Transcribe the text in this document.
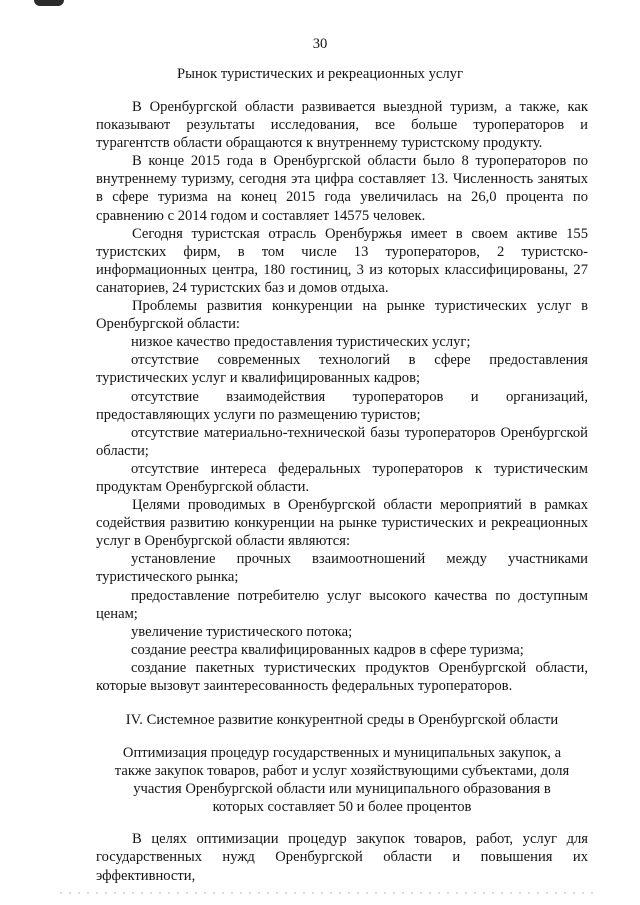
30
Рынок туристических и рекреационных услуг

В Оренбургской области развивается выездной туризм, а также, как показывают результаты исследования, все больше туроператоров и турагентств области обращаются к внутреннему туристскому продукту.

В конце 2015 года в Оренбургской области было 8 туроператоров по внутреннему туризму, сегодня эта цифра составляет 13. Численность занятых в сфере туризма на конец 2015 года увеличилась на 26,0 процента по сравнению с 2014 годом и составляет 14575 человек.

Сегодня туристская отрасль Оренбуржья имеет в своем активе 155 туристских фирм, в том числе 13 туроператоров, 2 туристско-информационных центра, 180 гостиниц, 3 из которых классифицированы, 27 санаториев, 24 туристских баз и домов отдыха.

Проблемы развития конкуренции на рынке туристических услуг в Оренбургской области:

низкое качество предоставления туристических услуг;

отсутствие современных технологий в сфере предоставления туристических услуг и квалифицированных кадров;

отсутствие взаимодействия туроператоров и организаций, предоставляющих услуги по размещению туристов;

отсутствие материально-технической базы туроператоров Оренбургской области;

отсутствие интереса федеральных туроператоров к туристическим продуктам Оренбургской области.

Целями проводимых в Оренбургской области мероприятий в рамках содействия развитию конкуренции на рынке туристических и рекреационных услуг в Оренбургской области являются:

установление прочных взаимоотношений между участниками туристического рынка;

предоставление потребителю услуг высокого качества по доступным ценам;

увеличение туристического потока;

создание реестра квалифицированных кадров в сфере туризма;

создание пакетных туристических продуктов Оренбургской области, которые вызовут заинтересованность федеральных туроператоров.

IV. Системное развитие конкурентной среды в Оренбургской области

Оптимизация процедур государственных и муниципальных закупок, а также закупок товаров, работ и услуг хозяйствующими субъектами, доля участия Оренбургской области или муниципального образования в которых составляет 50 и более процентов

В целях оптимизации процедур закупок товаров, работ, услуг для государственных нужд Оренбургской области и повышения их эффективности,
